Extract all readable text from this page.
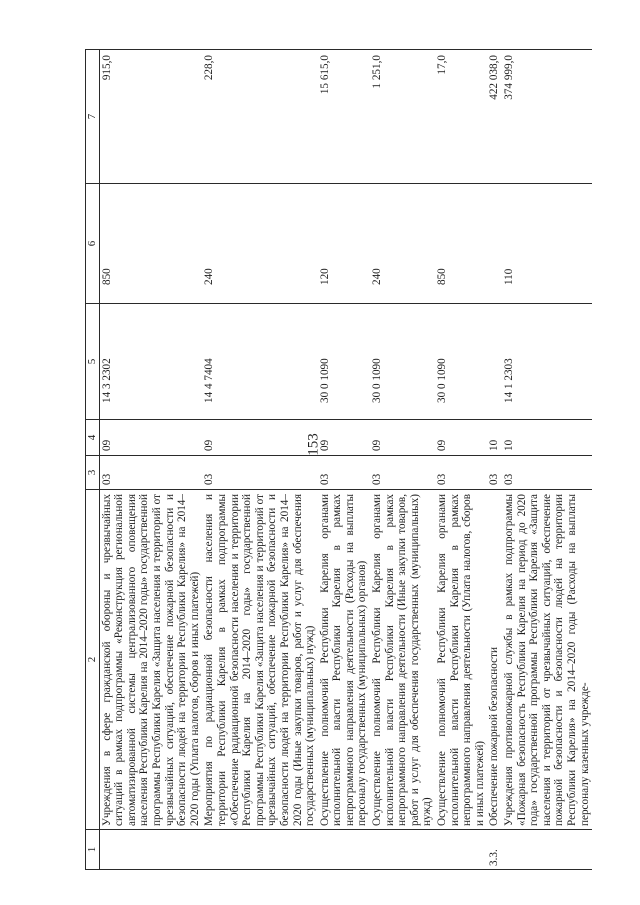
153
1	2	3	4	5	6	7
	Учреждения в сфере гражданской обороны и чрезвычайных ситуаций в рамках подпрограммы «Реконструкция региональной автоматизированной системы централизованного оповещения населения Республики Карелия на 2014–2020 годы» государственной программы Республики Карелия «Защита населения и территорий от чрезвычайных ситуаций, обеспечение пожарной безопасности и безопасности людей на территории Республики Карелия» на 2014–2020 годы (Уплата налогов, сборов и иных платежей)	03	09	14 3 2302	850	915,0
	Мероприятия по радиационной безопасности населения и территории Республики Карелия в рамках подпрограммы «Обеспечение радиационной безопасности населения и территории Республики Карелия на 2014–2020 годы» государственной программы Республики Карелия «Защита населения и территорий от чрезвычайных ситуаций, обеспечение пожарной безопасности и безопасности людей на территории Республики Карелия» на 2014–2020 годы (Иные закупки товаров, работ и услуг для обеспечения государственных (муниципальных) нужд)	03	09	14 4 7404	240	228,0
	Осуществление полномочий Республики Карелия органами исполнительной власти Республики Карелия в рамках непрограммного направления деятельности (Расходы на выплаты персоналу государственных (муниципальных) органов)	03	09	30 0 1090	120	15 615,0
	Осуществление полномочий Республики Карелия органами исполнительной власти Республики Карелия в рамках непрограммного направления деятельности (Иные закупки товаров, работ и услуг для обеспечения государственных (муниципальных) нужд)	03	09	30 0 1090	240	1 251,0
	Осуществление полномочий Республики Карелия органами исполнительной власти Республики Карелия в рамках непрограммного направления деятельности (Уплата налогов, сборов и иных платежей)	03	09	30 0 1090	850	17,0
3.3.	Обеспечение пожарной безопасности	03	10			422 038,0
	Учреждения противопожарной службы в рамках подпрограммы «Пожарная безопасность Республики Карелия на период до 2020 года» государственной программы Республики Карелия «Защита населения и территорий от чрезвычайных ситуаций, обеспечение пожарной безопасности и безопасности людей на территории Республики Карелия» на 2014–2020 годы (Расходы на выплаты персоналу казенных учрежде-	03	10	14 1 2303	110	374 999,0
